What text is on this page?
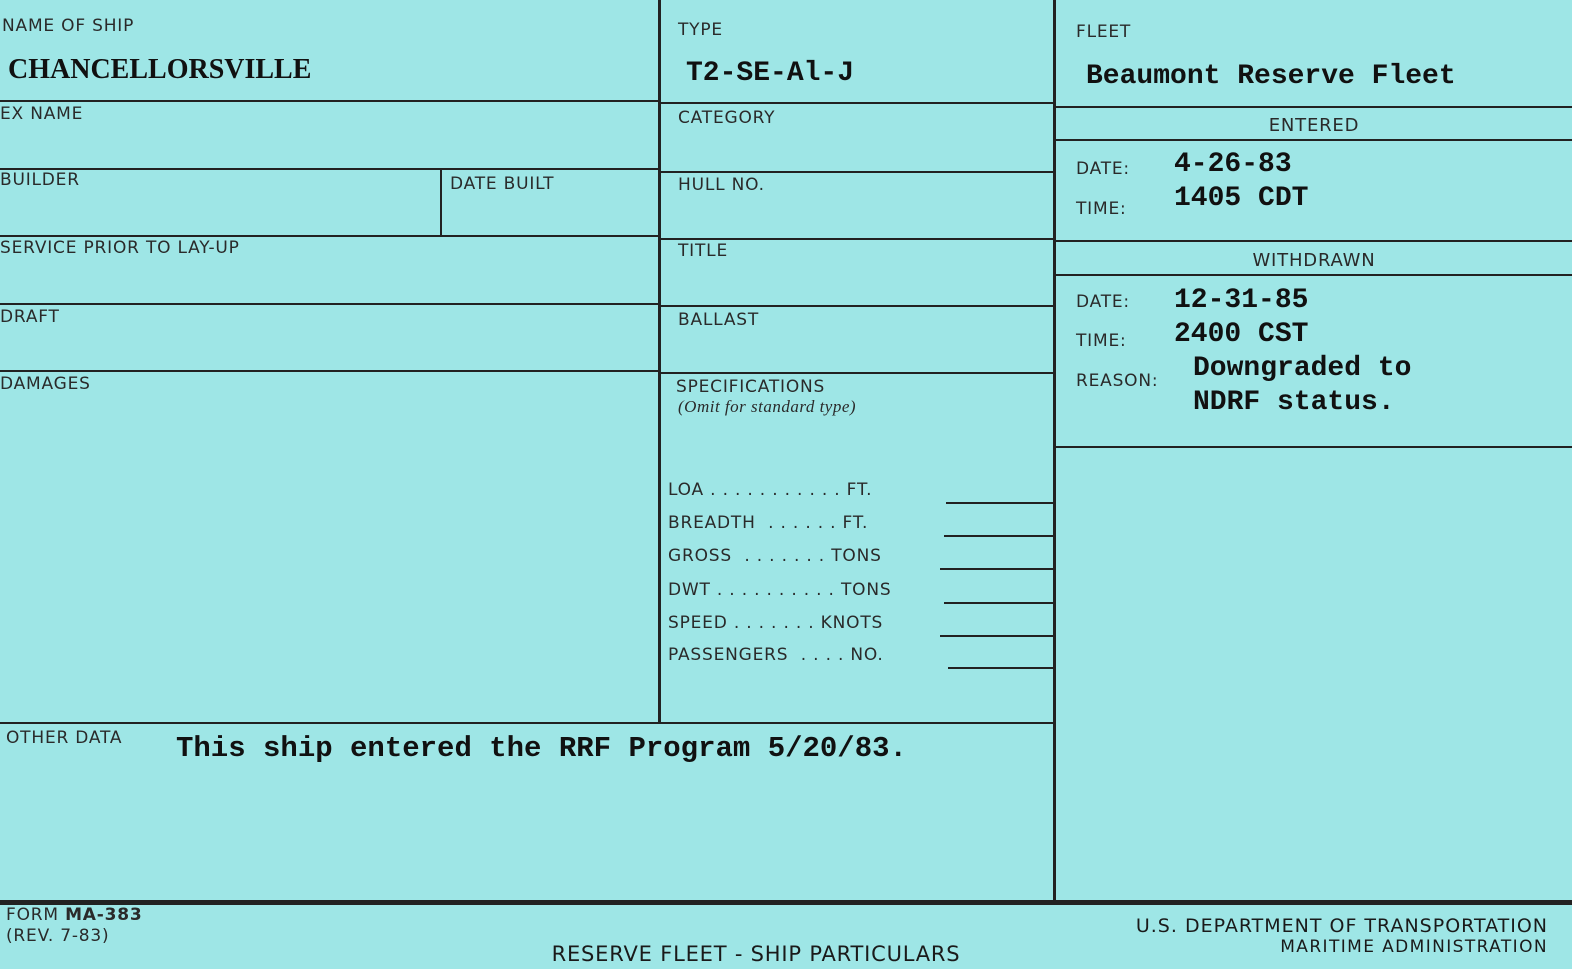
NAME OF SHIP
CHANCELLORSVILLE
EX NAME
BUILDER	DATE BUILT
SERVICE PRIOR TO LAY-UP
DRAFT
DAMAGES
OTHER DATA This ship entered the RRF Program 5/20/83.
TYPE
T2-SE-Al-J
CATEGORY
HULL NO.
TITLE
BALLAST
SPECIFICATIONS
(Omit for standard type)
LOA . . . . . . . . . . . FT.
BREADTH  . . . . . . FT.
GROSS  . . . . . . . TONS
DWT . . . . . . . . . . TONS
SPEED . . . . . . . KNOTS
PASSENGERS  . . . . NO.
FLEET
Beaumont Reserve Fleet
ENTERED
DATE: 4-26-83
TIME: 1405 CDT
WITHDRAWN
DATE: 12-31-85
TIME: 2400 CST
REASON: Downgraded to
NDRF status.
FORM MA-383
(REV. 7-83)
RESERVE FLEET - SHIP PARTICULARS
U.S. DEPARTMENT OF TRANSPORTATION
MARITIME ADMINISTRATION
